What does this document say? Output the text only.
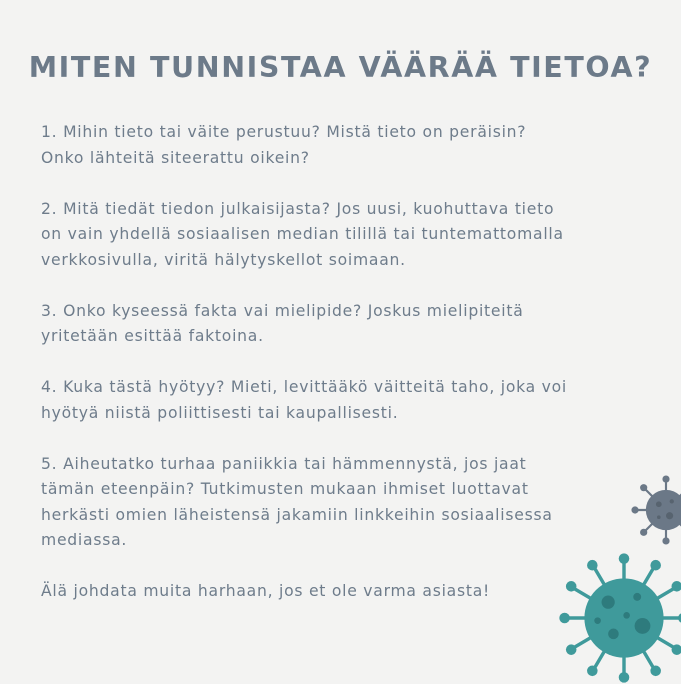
MITEN TUNNISTAA VÄÄRÄÄ TIETOA?
1. Mihin tieto tai väite perustuu? Mistä tieto on peräisin?
Onko lähteitä siteerattu oikein?
2. Mitä tiedät tiedon julkaisijasta? Jos uusi, kuohuttava tieto
on vain yhdellä sosiaalisen median tilillä tai tuntemattomalla
verkkosivulla, viritä hälytyskellot soimaan.
3. Onko kyseessä fakta vai mielipide? Joskus mielipiteitä
yritetään esittää faktoina.
4. Kuka tästä hyötyy? Mieti, levittääkö väitteitä taho, joka voi
hyötyä niistä poliittisesti tai kaupallisesti.
5. Aiheutatko turhaa paniikkia tai hämmennystä, jos jaat
tämän eteenpäin? Tutkimusten mukaan ihmiset luottavat
herkästi omien läheistensä jakamiin linkkeihin sosiaalisessa
mediassa.
Älä johdata muita harhaan, jos et ole varma asiasta!
